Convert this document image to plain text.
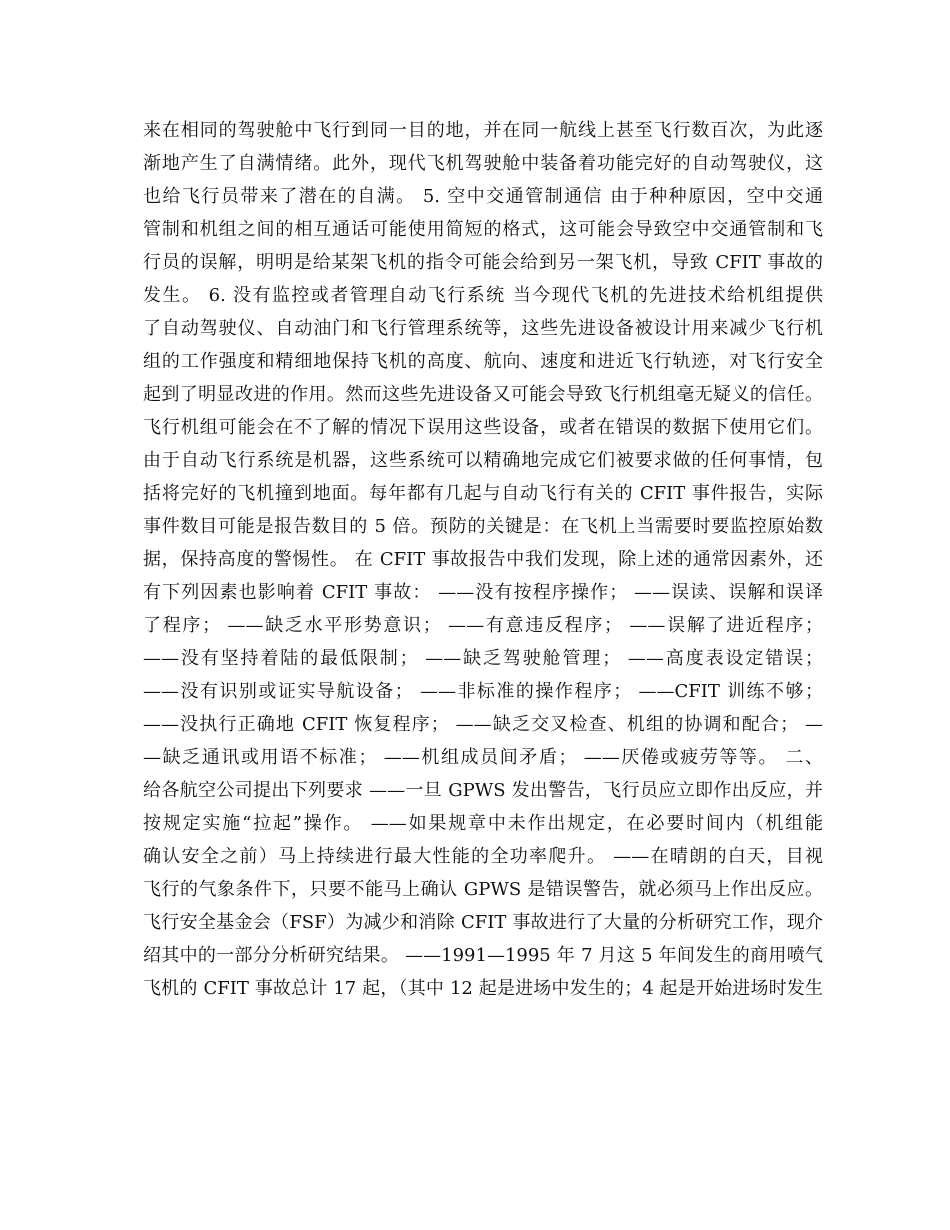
来在相同的驾驶舱中飞行到同一目的地，并在同一航线上甚至飞行数百次，为此逐
渐地产生了自满情绪。此外，现代飞机驾驶舱中装备着功能完好的自动驾驶仪，这
也给飞行员带来了潜在的自满。 5. 空中交通管制通信 由于种种原因，空中交通
管制和机组之间的相互通话可能使用简短的格式，这可能会导致空中交通管制和飞
行员的误解，明明是给某架飞机的指令可能会给到另一架飞机，导致 CFIT 事故的
发生。 6. 没有监控或者管理自动飞行系统 当今现代飞机的先进技术给机组提供
了自动驾驶仪、自动油门和飞行管理系统等，这些先进设备被设计用来减少飞行机
组的工作强度和精细地保持飞机的高度、航向、速度和进近飞行轨迹，对飞行安全
起到了明显改进的作用。然而这些先进设备又可能会导致飞行机组毫无疑义的信任。
飞行机组可能会在不了解的情况下误用这些设备，或者在错误的数据下使用它们。
由于自动飞行系统是机器，这些系统可以精确地完成它们被要求做的任何事情，包
括将完好的飞机撞到地面。每年都有几起与自动飞行有关的 CFIT 事件报告，实际
事件数目可能是报告数目的 5 倍。预防的关键是：在飞机上当需要时要监控原始数
据，保持高度的警惕性。 在 CFIT 事故报告中我们发现，除上述的通常因素外，还
有下列因素也影响着 CFIT 事故： ——没有按程序操作； ——误读、误解和误译
了程序； ——缺乏水平形势意识； ——有意违反程序； ——误解了进近程序；
——没有坚持着陆的最低限制； ——缺乏驾驶舱管理； ——高度表设定错误；
——没有识别或证实导航设备； ——非标准的操作程序； ——CFIT 训练不够；
——没执行正确地 CFIT 恢复程序； ——缺乏交叉检查、机组的协调和配合； —
—缺乏通讯或用语不标准； ——机组成员间矛盾； ——厌倦或疲劳等等。 二、
给各航空公司提出下列要求 ——一旦 GPWS 发出警告，飞行员应立即作出反应，并
按规定实施“拉起”操作。 ——如果规章中未作出规定，在必要时间内（机组能
确认安全之前）马上持续进行最大性能的全功率爬升。 ——在晴朗的白天，目视
飞行的气象条件下，只要不能马上确认 GPWS 是错误警告，就必须马上作出反应。
飞行安全基金会（FSF）为减少和消除 CFIT 事故进行了大量的分析研究工作，现介
绍其中的一部分分析研究结果。 ——1991—1995 年 7 月这 5 年间发生的商用喷气
飞机的 CFIT 事故总计 17 起，（其中 12 起是进场中发生的；4 起是开始进场时发生
